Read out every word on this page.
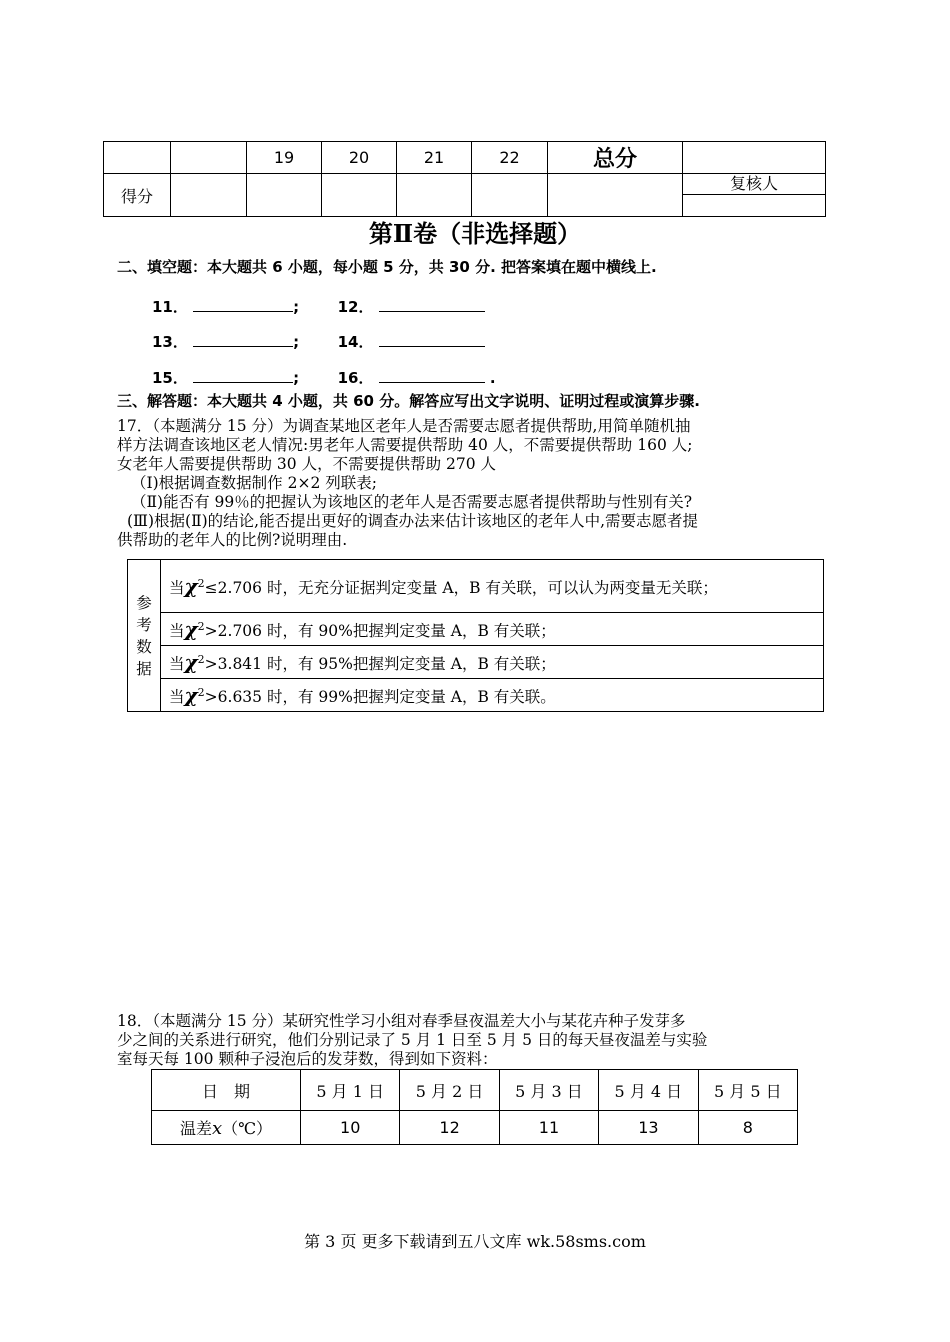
		19	20	21	22	总分	
得分							复核人
第Ⅱ卷（非选择题）
二、填空题：本大题共 6 小题，每小题 5 分，共 30 分. 把答案填在题中横线上.
11．	;	12．
13．	;	14．
15．	;	16．	.
三、解答题：本大题共 4 小题，共 60 分。解答应写出文字说明、证明过程或演算步骤.
17．（本题满分 15 分）为调查某地区老年人是否需要志愿者提供帮助,用简单随机抽
样方法调查该地区老人情况:男老年人需要提供帮助 40 人，不需要提供帮助 160 人;
女老年人需要提供帮助 30 人，不需要提供帮助 270 人
（Ⅰ)根据调查数据制作 2×2 列联表;
（Ⅱ)能否有 99％的把握认为该地区的老年人是否需要志愿者提供帮助与性别有关?
(Ⅲ)根据(Ⅱ)的结论,能否提出更好的调查办法来估计该地区的老年人中,需要志愿者提
供帮助的老年人的比例?说明理由.
参考数据
	当$\chi^2\le 2.706$ 时，无充分证据判定变量 A，B 有关联，可以认为两变量无关联；
当$\chi^2>2.706$ 时，有 90%把握判定变量 A，B 有关联；
当$\chi^2>3.841$ 时，有 95%把握判定变量 A，B 有关联；
当$\chi^2>6.635$ 时，有 99%把握判定变量 A，B 有关联。
18．（本题满分 15 分）某研究性学习小组对春季昼夜温差大小与某花卉种子发芽多
少之间的关系进行研究，他们分别记录了 5 月 1 日至 5 月 5 日的每天昼夜温差与实验
室每天每 100 颗种子浸泡后的发芽数，得到如下资料：
日　期	5 月 1 日	5 月 2 日	5 月 3 日	5 月 4 日	5 月 5 日
温差x（℃）	10	12	11	13	8
第 3 页 更多下载请到五八文库 wk.58sms.com
